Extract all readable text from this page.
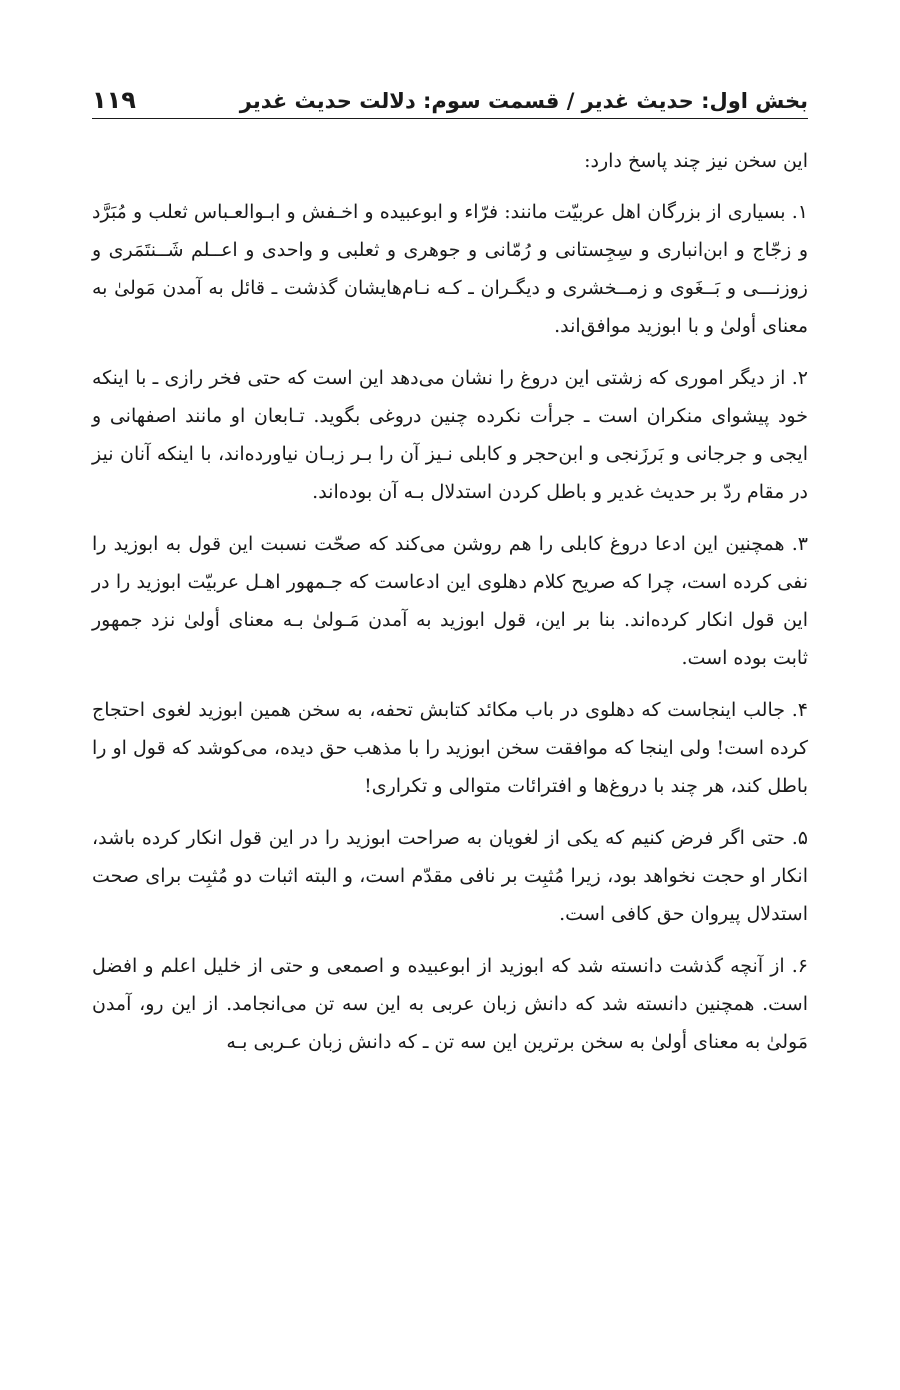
بخش اول: حدیث غدیر / قسمت سوم: دلالت حدیث غدیر
۱۱۹

این سخن نیز چند پاسخ دارد:

۱. بسیاری از بزرگان اهل عربیّت مانند: فرّاء و ابوعبیده و اخـفش و ابـوالعـباس ثعلب و مُبَرَّد و زجّاج و ابن‌انباری و سِجِستانی و رُمّانی و جوهری و ثعلبی و واحدی و اعــلم شَــنتَمَری و زوزنـــی و بَــغَوی و زمــخشری و دیگـران ـ کـه نـام‌هایشان گذشت ـ قائل به آمدن مَولیٰ به معنای أولیٰ و با ابوزید موافق‌اند.

۲. از دیگر اموری که زشتی این دروغ را نشان می‌دهد این است که حتی فخر رازی ـ با اینکه خود پیشوای منکران است ـ جرأت نکرده چنین دروغی بگوید. تـابعان او مانند اصفهانی و ایجی و جرجانی و بَرزَنجی و ابن‌حجر و کابلی نـیز آن را بـر زبـان نیاورده‌اند، با اینکه آنان نیز در مقام ردّ بر حدیث غدیر و باطل کردن استدلال بـه آن بوده‌اند.

۳. همچنین این ادعا دروغ کابلی را هم روشن می‌کند که صحّت نسبت این قول به ابوزید را نفی کرده است، چرا که صریح کلام دهلوی این ادعاست که جـمهور اهـل عربیّت ابوزید را در این قول انکار کرده‌اند. بنا بر این، قول ابوزید به آمدن مَـولیٰ بـه معنای أولیٰ نزد جمهور ثابت بوده است.

۴. جالب اینجاست که دهلوی در باب مکائد کتابش تحفه، به سخن همین ابوزید لغوی احتجاج کرده است! ولی اینجا که موافقت سخن ابوزید را با مذهب حق دیده، می‌کوشد که قول او را باطل کند، هر چند با دروغ‌ها و افترائات متوالی و تکراری!

۵. حتی اگر فرض کنیم که یکی از لغویان به صراحت ابوزید را در این قول انکار کرده باشد، انکار او حجت نخواهد بود، زیرا مُثبِت بر نافی مقدّم است، و البته اثبات دو مُثبِت برای صحت استدلال پیروان حق کافی است.

۶. از آنچه گذشت دانسته شد که ابوزید از ابوعبیده و اصمعی و حتی از خلیل اعلم و افضل است. همچنین دانسته شد که دانش زبان عربی به این سه تن می‌انجامد. از این رو، آمدن مَولیٰ به معنای أولیٰ به سخن برترین این سه تن ـ که دانش زبان عـربی بـه
